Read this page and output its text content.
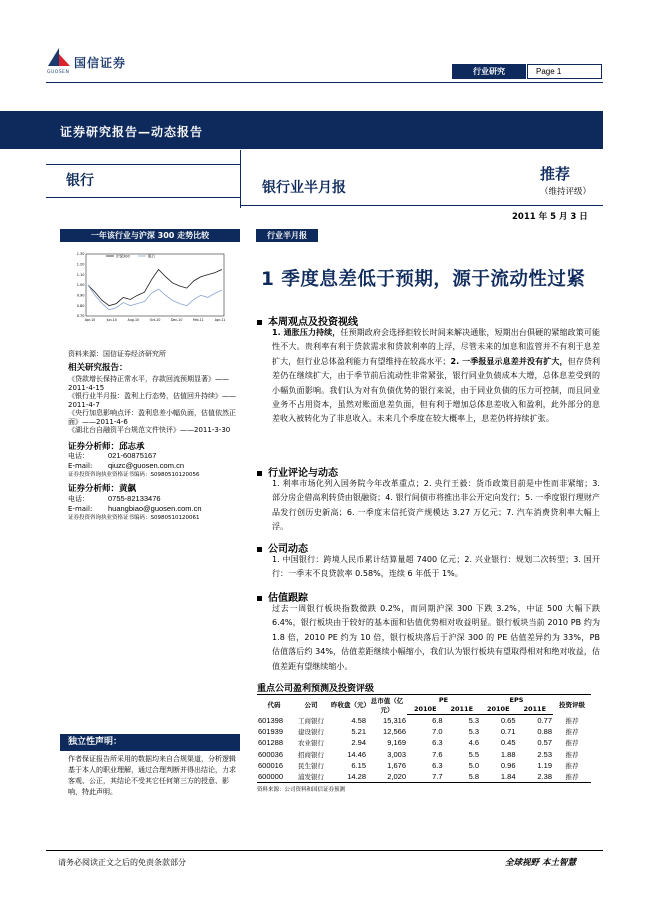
国信证券
GUOSEN	行业研究	Page 1
证券研究报告—动态报告
银行	银行业半月报
推荐
（维持评级）
2011 年 5 月 3 日
一年该行业与沪深 300 走势比较
1.30
1.20
1.10
1.00
0.90
0.80
0.70
Apr-10	Jun-10	Aug-10	Oct-10	Dec-10	Feb-11	Apr-11
沪深300	银行
资料来源：国信证券经济研究所
相关研究报告：
《贷款增长保持正常水平，存款回流预期显著》——2011-4-15
《银行业半月报：盈利上行态势，估值回升持续》——2011-4-7
《央行加息影响点评：盈利息差小幅负面，估值依然正面》——2011-4-6
《湖北台自融资平台规范文件快评》——2011-3-30
证券分析师：邱志承
电话：	021-60875167
E-mail: qiuzc@guosen.com.cn
证券投资咨询执业资格证书编码：S0980510120056
证券分析师：黄飙
电话：	0755-82133476
E-mail: huangbiao@guosen.com.cn
证券投资咨询执业资格证书编码：S0980510120061
独立性声明：
作者保证报告所采用的数据均来自合规渠道，分析逻辑基于本人的职业理解，通过合理判断并得出结论，力求客观、公正，其结论不受其它任何第三方的授意、影响，特此声明。
行业半月报
1 季度息差低于预期，源于流动性过紧
本周观点及投资视线
1. 通胀压力持续，任预期政府会选择拒较长时间来解决通胀，短期出台俱硬的紧缩政策可能性不大。贵利率有利于贷款需求和贷款利率的上浮，尽管未来的加息和监管并不有利于息差扩大，但行业总体盈利能力有望维持在较高水平；2. 一季报显示息差并没有扩大，但存贷利差仍在继续扩大，由于季节前后流动性非常紧张，银行同业负债成本大增，总体息差受到的小幅负面影响。我们认为对有负债优势的银行来说，由于同业负债的压力可控制，而且同业业务不占用资本，虽然对账面息差负面，但有利于增加总体息差收入和盈利，此外部分的息差收入被转化为了非息收入。未来几个季度在较大概率上，息差仍将持续扩张。
行业评论与动态
1. 利率市场化列入国务院今年改革重点；2. 央行王毅：货币政策目前是中性而非紧缩；3. 部分房企借高利转贷由银融资；4. 银行间债市将推出非公开定向发行；5. 一季度银行理财产品发行创历史新高；6. 一季度末信托资产规模达 3.27 万亿元；7. 汽车消费贷利率大幅上浮。
公司动态
1. 中国银行：跨境人民币累计结算量超 7400 亿元；2. 兴业银行：规划二次转型；3. 国开行：一季末不良贷款率 0.58%，连续 6 年低于 1%。
估值跟踪
过去一周银行板块指数微跌 0.2%，而同期沪深 300 下跌 3.2%，中证 500 大幅下跌 6.4%，银行板块由于较好的基本面和估值优势相对收益明显。银行板块当前 2010 PB 约为 1.8 倍，2010 PE 约为 10 倍，银行板块落后于沪深 300 的 PE 估值差异约为 33%，PB 估值落后约 34%，估值差距继续小幅缩小，我们认为银行板块有望取得相对和绝对收益，估值差距有望继续缩小。
重点公司盈利预测及投资评级
代码	公司	昨收盘（元）	总市值（亿元）	PE		EPS		投资评级
				2010E	2011E	2010E	2011E	
601398	工商银行	4.58	15,316	6.8	5.3	0.65	0.77	推荐
601939	建设银行	5.21	12,566	7.0	5.3	0.71	0.88	推荐
601288	农业银行	2.94	9,169	6.3	4.6	0.45	0.57	推荐
600036	招商银行	14.46	3,003	7.6	5.5	1.88	2.53	推荐
600016	民生银行	6.15	1,676	6.3	5.0	0.96	1.19	推荐
600000	浦发银行	14.28	2,020	7.7	5.8	1.84	2.38	推荐
资料来源：公司资料和国信证券预测
请务必阅读正文之后的免责条款部分	全球视野 本土智慧
